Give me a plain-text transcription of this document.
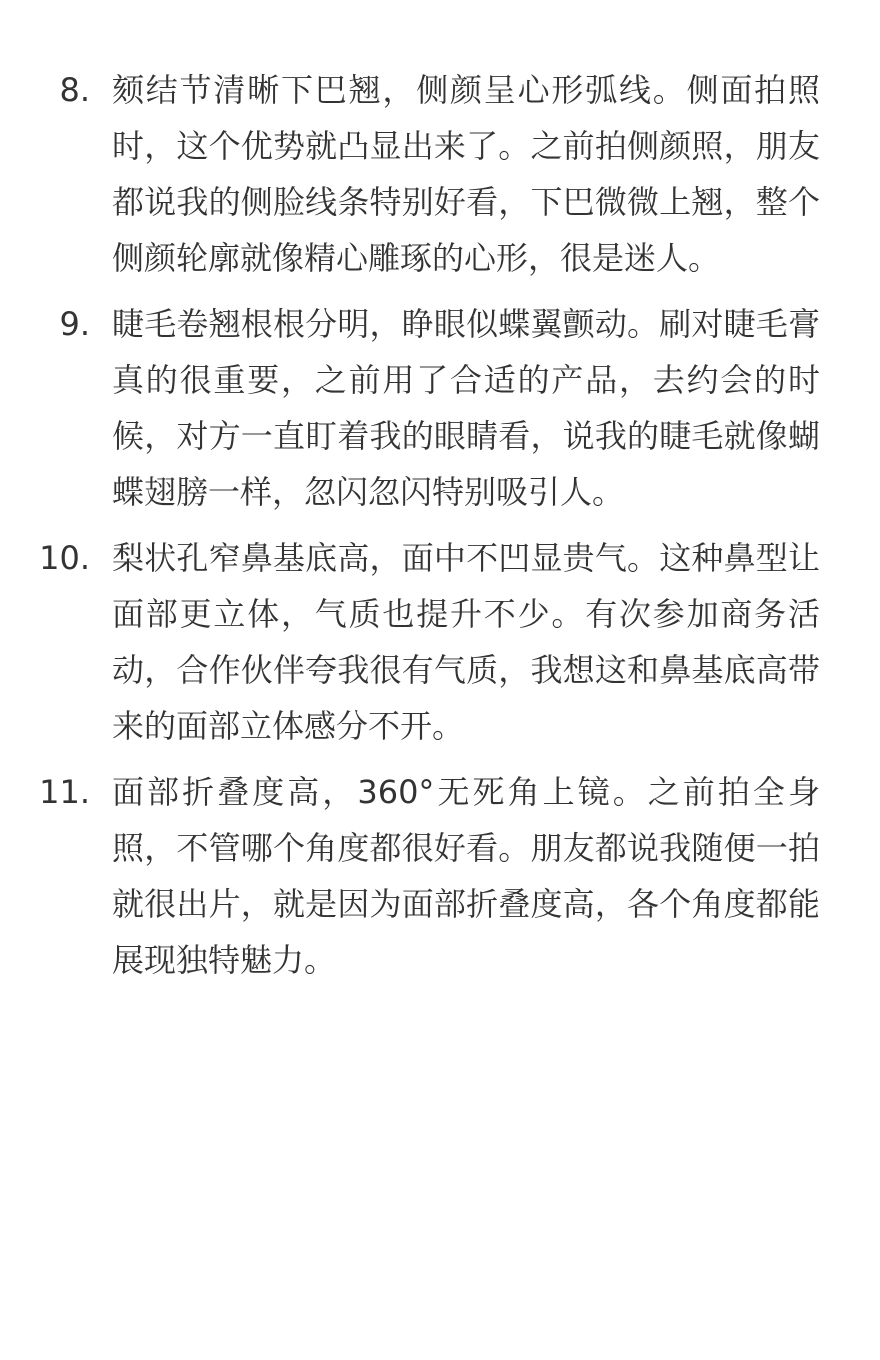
8. 颏结节清晰下巴翘，侧颜呈心形弧线。侧面拍照时，这个优势就凸显出来了。之前拍侧颜照，朋友都说我的侧脸线条特别好看，下巴微微上翘，整个侧颜轮廓就像精心雕琢的心形，很是迷人。
9. 睫毛卷翘根根分明，睁眼似蝶翼颤动。刷对睫毛膏真的很重要，之前用了合适的产品，去约会的时候，对方一直盯着我的眼睛看，说我的睫毛就像蝴蝶翅膀一样，忽闪忽闪特别吸引人。
10. 梨状孔窄鼻基底高，面中不凹显贵气。这种鼻型让面部更立体，气质也提升不少。有次参加商务活动，合作伙伴夸我很有气质，我想这和鼻基底高带来的面部立体感分不开。
11. 面部折叠度高，360°无死角上镜。之前拍全身照，不管哪个角度都很好看。朋友都说我随便一拍就很出片，就是因为面部折叠度高，各个角度都能展现独特魅力。
